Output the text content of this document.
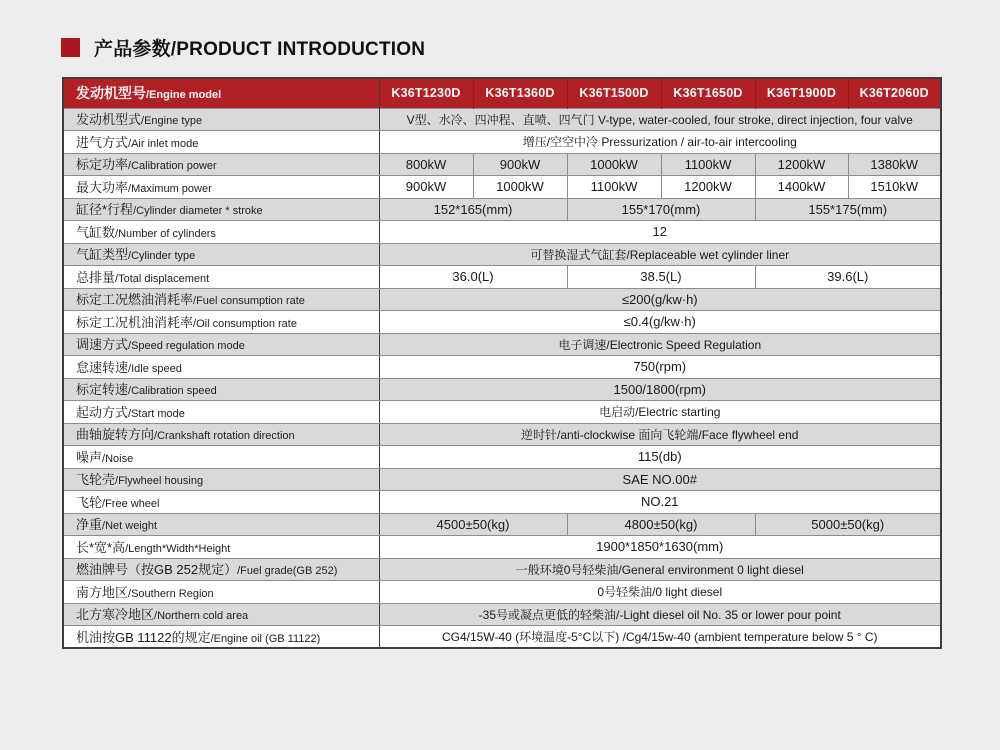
产品参数/PRODUCT INTRODUCTION
发动机型号/Engine model	K36T1230D	K36T1360D	K36T1500D	K36T1650D	K36T1900D	K36T2060D
发动机型式/Engine type	V型、水冷、四冲程、直喷、四气门 V-type, water-cooled, four stroke, direct injection, four valve					
进气方式/Air inlet mode	增压/空空中冷 Pressurization / air-to-air intercooling					
标定功率/Calibration power	800kW	900kW	1000kW	1100kW	1200kW	1380kW
最大功率/Maximum power	900kW	1000kW	1100kW	1200kW	1400kW	1510kW
缸径*行程/Cylinder diameter * stroke	152*165(mm)		155*170(mm)		155*175(mm)	
气缸数/Number of cylinders	12					
气缸类型/Cylinder type	可替换湿式气缸套/Replaceable wet cylinder liner					
总排量/Total displacement	36.0(L)		38.5(L)		39.6(L)	
标定工况燃油消耗率/Fuel consumption rate	≤200(g/kw·h)					
标定工况机油消耗率/Oil consumption rate	≤0.4(g/kw·h)					
调速方式/Speed regulation mode	电子调速/Electronic Speed Regulation					
怠速转速/Idle speed	750(rpm)					
标定转速/Calibration speed	1500/1800(rpm)					
起动方式/Start mode	电启动/Electric starting					
曲轴旋转方向/Crankshaft rotation direction	逆时针/anti-clockwise 面向飞轮端/Face flywheel end					
噪声/Noise	115(db)					
飞轮壳/Flywheel housing	SAE NO.00#					
飞轮/Free wheel	NO.21					
净重/Net weight	4500±50(kg)		4800±50(kg)		5000±50(kg)	
长*宽*高/Length*Width*Height	1900*1850*1630(mm)					
燃油牌号（按GB 252规定）/Fuel grade(GB 252)	一般环境0号轻柴油/General environment 0 light diesel					
南方地区/Southern Region	0号轻柴油/0 light diesel					
北方寒冷地区/Northern cold area	-35号或凝点更低的轻柴油/-Light diesel oil No. 35 or lower pour point					
机油按GB 11122的规定/Engine oil (GB 11122)	CG4/15W-40 (环境温度-5°C以下) /Cg4/15w-40 (ambient temperature below 5 ° C)					
